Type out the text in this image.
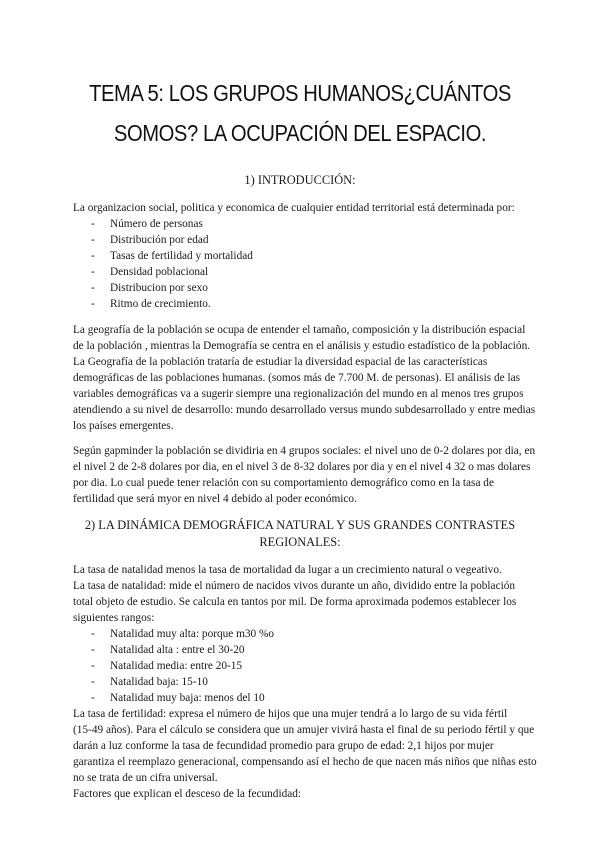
TEMA 5: LOS GRUPOS HUMANOS¿CUÁNTOS
SOMOS? LA OCUPACIÓN DEL ESPACIO.
1) INTRODUCCIÓN:
La organizacion social, politica y economica de cualquier entidad territorial está determinada por:
- Número de personas
- Distribución por edad
- Tasas de fertilidad y mortalidad
- Densidad poblacional
- Distribucion por sexo
- Ritmo de crecimiento.
La geografía de la población se ocupa de entender el tamaño, composición y la distribución espacial
de la población , mientras la Demografía se centra en el análisis y estudio estadístico de la población.
La Geografía de la población trataría de estudiar la diversidad espacial de las características
demográficas de las poblaciones humanas. (somos más de 7.700 M. de personas). El análisis de las
variables demográficas va a sugerir siempre una regionalización del mundo en al menos tres grupos
atendiendo a su nivel de desarrollo: mundo desarrollado versus mundo subdesarrollado y entre medias
los países emergentes.
Según gapminder la población se dividiria en 4 grupos sociales: el nivel uno de 0-2 dolares por dia, en
el nivel 2 de 2-8 dolares por dia, en el nivel 3 de 8-32 dolares por dia y en el nivel 4 32 o mas dolares
por dia. Lo cual puede tener relación con su comportamiento demográfico como en la tasa de
fertilidad que será myor en nivel 4 debido al poder económico.
2) LA DINÁMICA DEMOGRÁFICA NATURAL Y SUS GRANDES CONTRASTES
REGIONALES:
La tasa de natalidad menos la tasa de mortalidad da lugar a un crecimiento natural o vegeativo.
La tasa de natalidad: mide el número de nacidos vivos durante un año, dividido entre la población
total objeto de estudio. Se calcula en tantos por mil. De forma aproximada podemos establecer los
siguientes rangos:
- Natalidad muy alta: porque m30 %o
- Natalidad alta : entre el 30-20
- Natalidad media: entre 20-15
- Natalidad baja: 15-10
- Natalidad muy baja: menos del 10
La tasa de fertilidad: expresa el número de hijos que una mujer tendrá a lo largo de su vida fértil
(15-49 años). Para el cálculo se considera que un amujer vivirá hasta el final de su periodo fértil y que
darán a luz conforme la tasa de fecundidad promedio para grupo de edad: 2,1 hijos por mujer
garantiza el reemplazo generacional, compensando así el hecho de que nacen más niños que niñas esto
no se trata de un cifra universal.
Factores que explican el desceso de la fecundidad:
